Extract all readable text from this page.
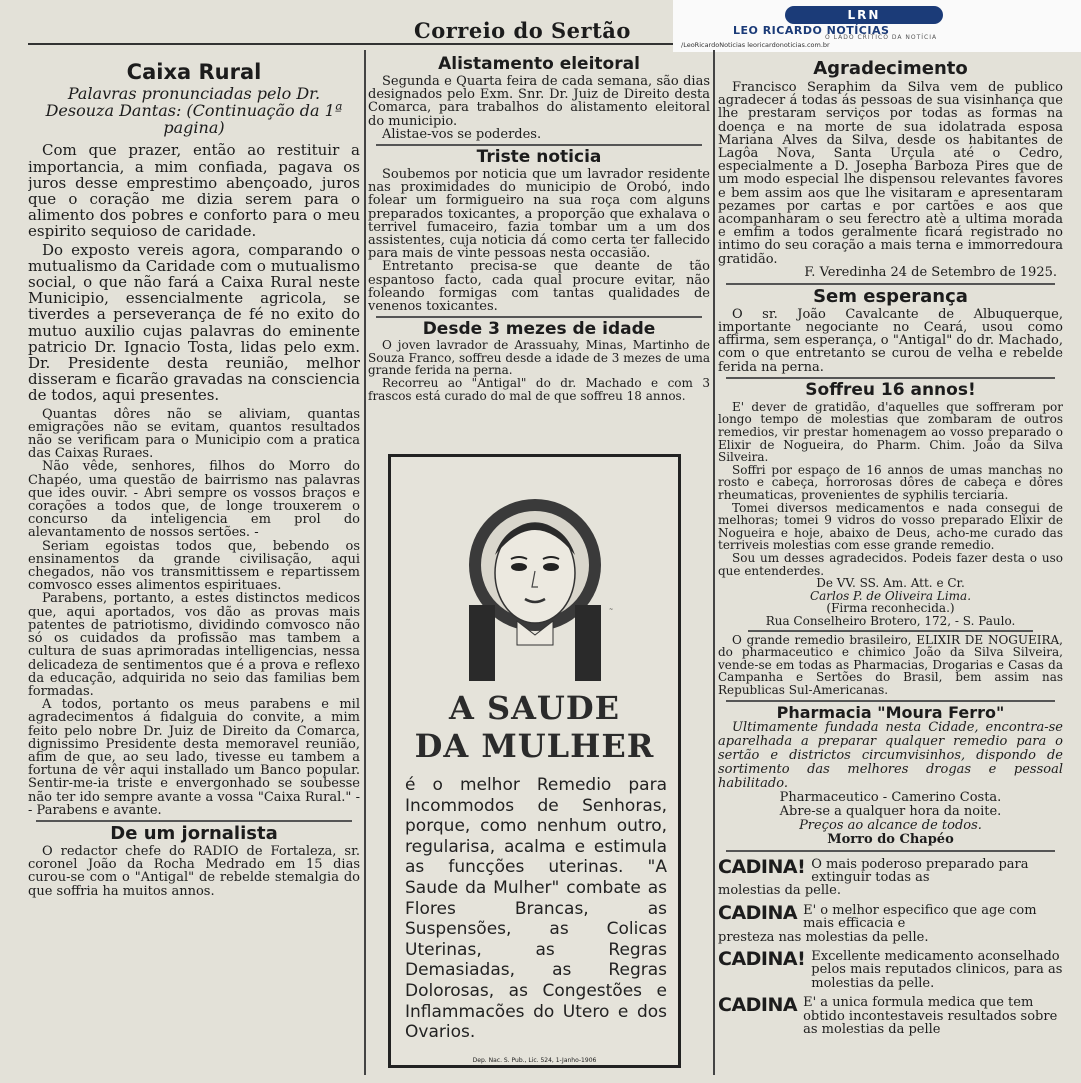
Correio do Sertão
LRN
LEO RICARDO NOTÍCIAS
O LADO CRÍTICO DA NOTÍCIA
/LeoRicardoNoticias leoricardonoticias.com.br
Caixa Rural
Palavras pronunciadas pelo Dr. Desouza Dantas: (Continuação da 1ª pagina)
Com que prazer, então ao restituir a importancia, a mim confiada, pagava os juros desse emprestimo abençoado, juros que o coração me dizia serem para o alimento dos pobres e conforto para o meu espirito sequioso de caridade.
Do exposto vereis agora, comparando o mutualismo da Caridade com o mutualismo social, o que não fará a Caixa Rural neste Municipio, essencialmente agricola, se tiverdes a perseverança de fé no exito do mutuo auxilio cujas palavras do eminente patricio Dr. Ignacio Tosta, lidas pelo exm. Dr. Presidente desta reunião, melhor disseram e ficarão gravadas na consciencia de todos, aqui presentes.
Quantas dôres não se aliviam, quantas emigrações não se evitam, quantos resultados não se verificam para o Municipio com a pratica das Caixas Ruraes.
Não vêde, senhores, filhos do Morro do Chapéo, uma questão de bairrismo nas palavras que ides ouvir. - Abri sempre os vossos braços e corações a todos que, de longe trouxerem o concurso da inteligencia em prol do alevantamento de nossos sertões. -
Seriam egoistas todos que, bebendo os ensinamentos da grande civilisação, aqui chegados, não vos transmittissem e repartissem comvosco esses alimentos espirituaes.
Parabens, portanto, a estes distinctos medicos que, aqui aportados, vos dão as provas mais patentes de patriotismo, dividindo comvosco não só os cuidados da profissão mas tambem a cultura de suas aprimoradas intelligencias, nessa delicadeza de sentimentos que é a prova e reflexo da educação, adquirida no seio das familias bem formadas.
A todos, portanto os meus parabens e mil agradecimentos á fidalguia do convite, a mim feito pelo nobre Dr. Juiz de Direito da Comarca, dignissimo Presidente desta memoravel reunião, afim de que, ao seu lado, tivesse eu tambem a fortuna de vêr aqui installado um Banco popular. Sentir-me-ia triste e envergonhado se soubesse não ter ido sempre avante a vossa "Caixa Rural." -- Parabens e avante.
De um jornalista
O redactor chefe do RADIO de Fortaleza, sr. coronel João da Rocha Medrado em 15 dias curou-se com o "Antigal" de rebelde stemalgia do que soffria ha muitos annos.
Alistamento eleitoral
Segunda e Quarta feira de cada semana, são dias designados pelo Exm. Snr. Dr. Juiz de Direito desta Comarca, para trabalhos do alistamento eleitoral do municipio.
Alistae-vos se poderdes.
Triste noticia
Soubemos por noticia que um lavrador residente nas proximidades do municipio de Orobó, indo folear um formigueiro na sua roça com alguns preparados toxicantes, a proporção que exhalava o terrivel fumaceiro, fazia tombar um a um dos assistentes, cuja noticia dá como certa ter fallecido para mais de vinte pessoas nesta occasião.
Entretanto precisa-se que deante de tão espantoso facto, cada qual procure evitar, não foleando formigas com tantas qualidades de venenos toxicantes.
Desde 3 mezes de idade
O joven lavrador de Arassuahy, Minas, Martinho de Souza Franco, soffreu desde a idade de 3 mezes de uma grande ferida na perna.
Recorreu ao "Antigal" do dr. Machado e com 3 frascos está curado do mal de que soffreu 18 annos.
~
A SAUDE
DA MULHER
é o melhor Remedio para Incommodos de Senhoras, porque, como nenhum outro, regularisa, acalma e estimula as funcções uterinas. "A Saude da Mulher" combate as Flores Brancas, as Suspensões, as Colicas Uterinas, as Regras Demasiadas, as Regras Dolorosas, as Congestões e Inflammacões do Utero e dos Ovarios.
Dep. Nac. S. Pub., Lic. 524, 1-Janho-1906
Agradecimento
Francisco Seraphim da Silva vem de publico agradecer á todas ás pessoas de sua visinhança que lhe prestaram serviços por todas as formas na doença e na morte de sua idolatrada esposa Mariana Alves da Silva, desde os habitantes de Lagôa Nova, Santa Urçula até o Cedro, especialmente a D. Josepha Barboza Pires que de um modo especial lhe dispensou relevantes favores e bem assim aos que lhe visitaram e apresentaram pezames por cartas e por cartões e aos que acompanharam o seu ferectro atè a ultima morada e emfim a todos geralmente ficará registrado no intimo do seu coração a mais terna e immorredoura gratidão.
F. Veredinha 24 de Setembro de 1925.
Sem esperança
O sr. João Cavalcante de Albuquerque, importante negociante no Ceará, usou como affirma, sem esperança, o "Antigal" do dr. Machado, com o que entretanto se curou de velha e rebelde ferida na perna.
Soffreu 16 annos!
E' dever de gratidão, d'aquelles que soffreram por longo tempo de molestias que zombaram de outros remedios, vir prestar homenagem ao vosso preparado o Elixir de Nogueira, do Pharm. Chim. João da Silva Silveira.
Soffri por espaço de 16 annos de umas manchas no rosto e cabeça, horrorosas dôres de cabeça e dôres rheumaticas, provenientes de syphilis terciaria.
Tomei diversos medicamentos e nada consegui de melhoras; tomei 9 vidros do vosso preparado Elixir de Nogueira e hoje, abaixo de Deus, acho-me curado das terriveis molestias com esse grande remedio.
Sou um desses agradecidos. Podeis fazer desta o uso que entenderdes.
De VV. SS. Am. Att. e Cr.
Carlos P. de Oliveira Lima.
(Firma reconhecida.)
Rua Conselheiro Brotero, 172, - S. Paulo.
O grande remedio brasileiro, ELIXIR DE NOGUEIRA, do pharmaceutico e chimico João da Silva Silveira, vende-se em todas as Pharmacias, Drogarias e Casas da Campanha e Sertões do Brasil, bem assim nas Republicas Sul-Americanas.
Pharmacia "Moura Ferro"
Ultimamente fundada nesta Cidade, encontra-se aparelhada a preparar qualquer remedio para o sertão e districtos circumvisinhos, dispondo de sortimento das melhores drogas e pessoal habilitado.
Pharmaceutico - Camerino Costa.
Abre-se a qualquer hora da noite.
Preços ao alcance de todos.
Morro do Chapéo
CADINA! O mais poderoso preparado para extinguir todas as
molestias da pelle.
CADINA E' o melhor especifico que age com mais efficacia e
presteza nas molestias da pelle.
CADINA! Excellente medicamento aconselhado pelos mais reputados clinicos, para as molestias da pelle.
CADINA E' a unica formula medica que tem obtido incontestaveis resultados sobre as molestias da pelle
